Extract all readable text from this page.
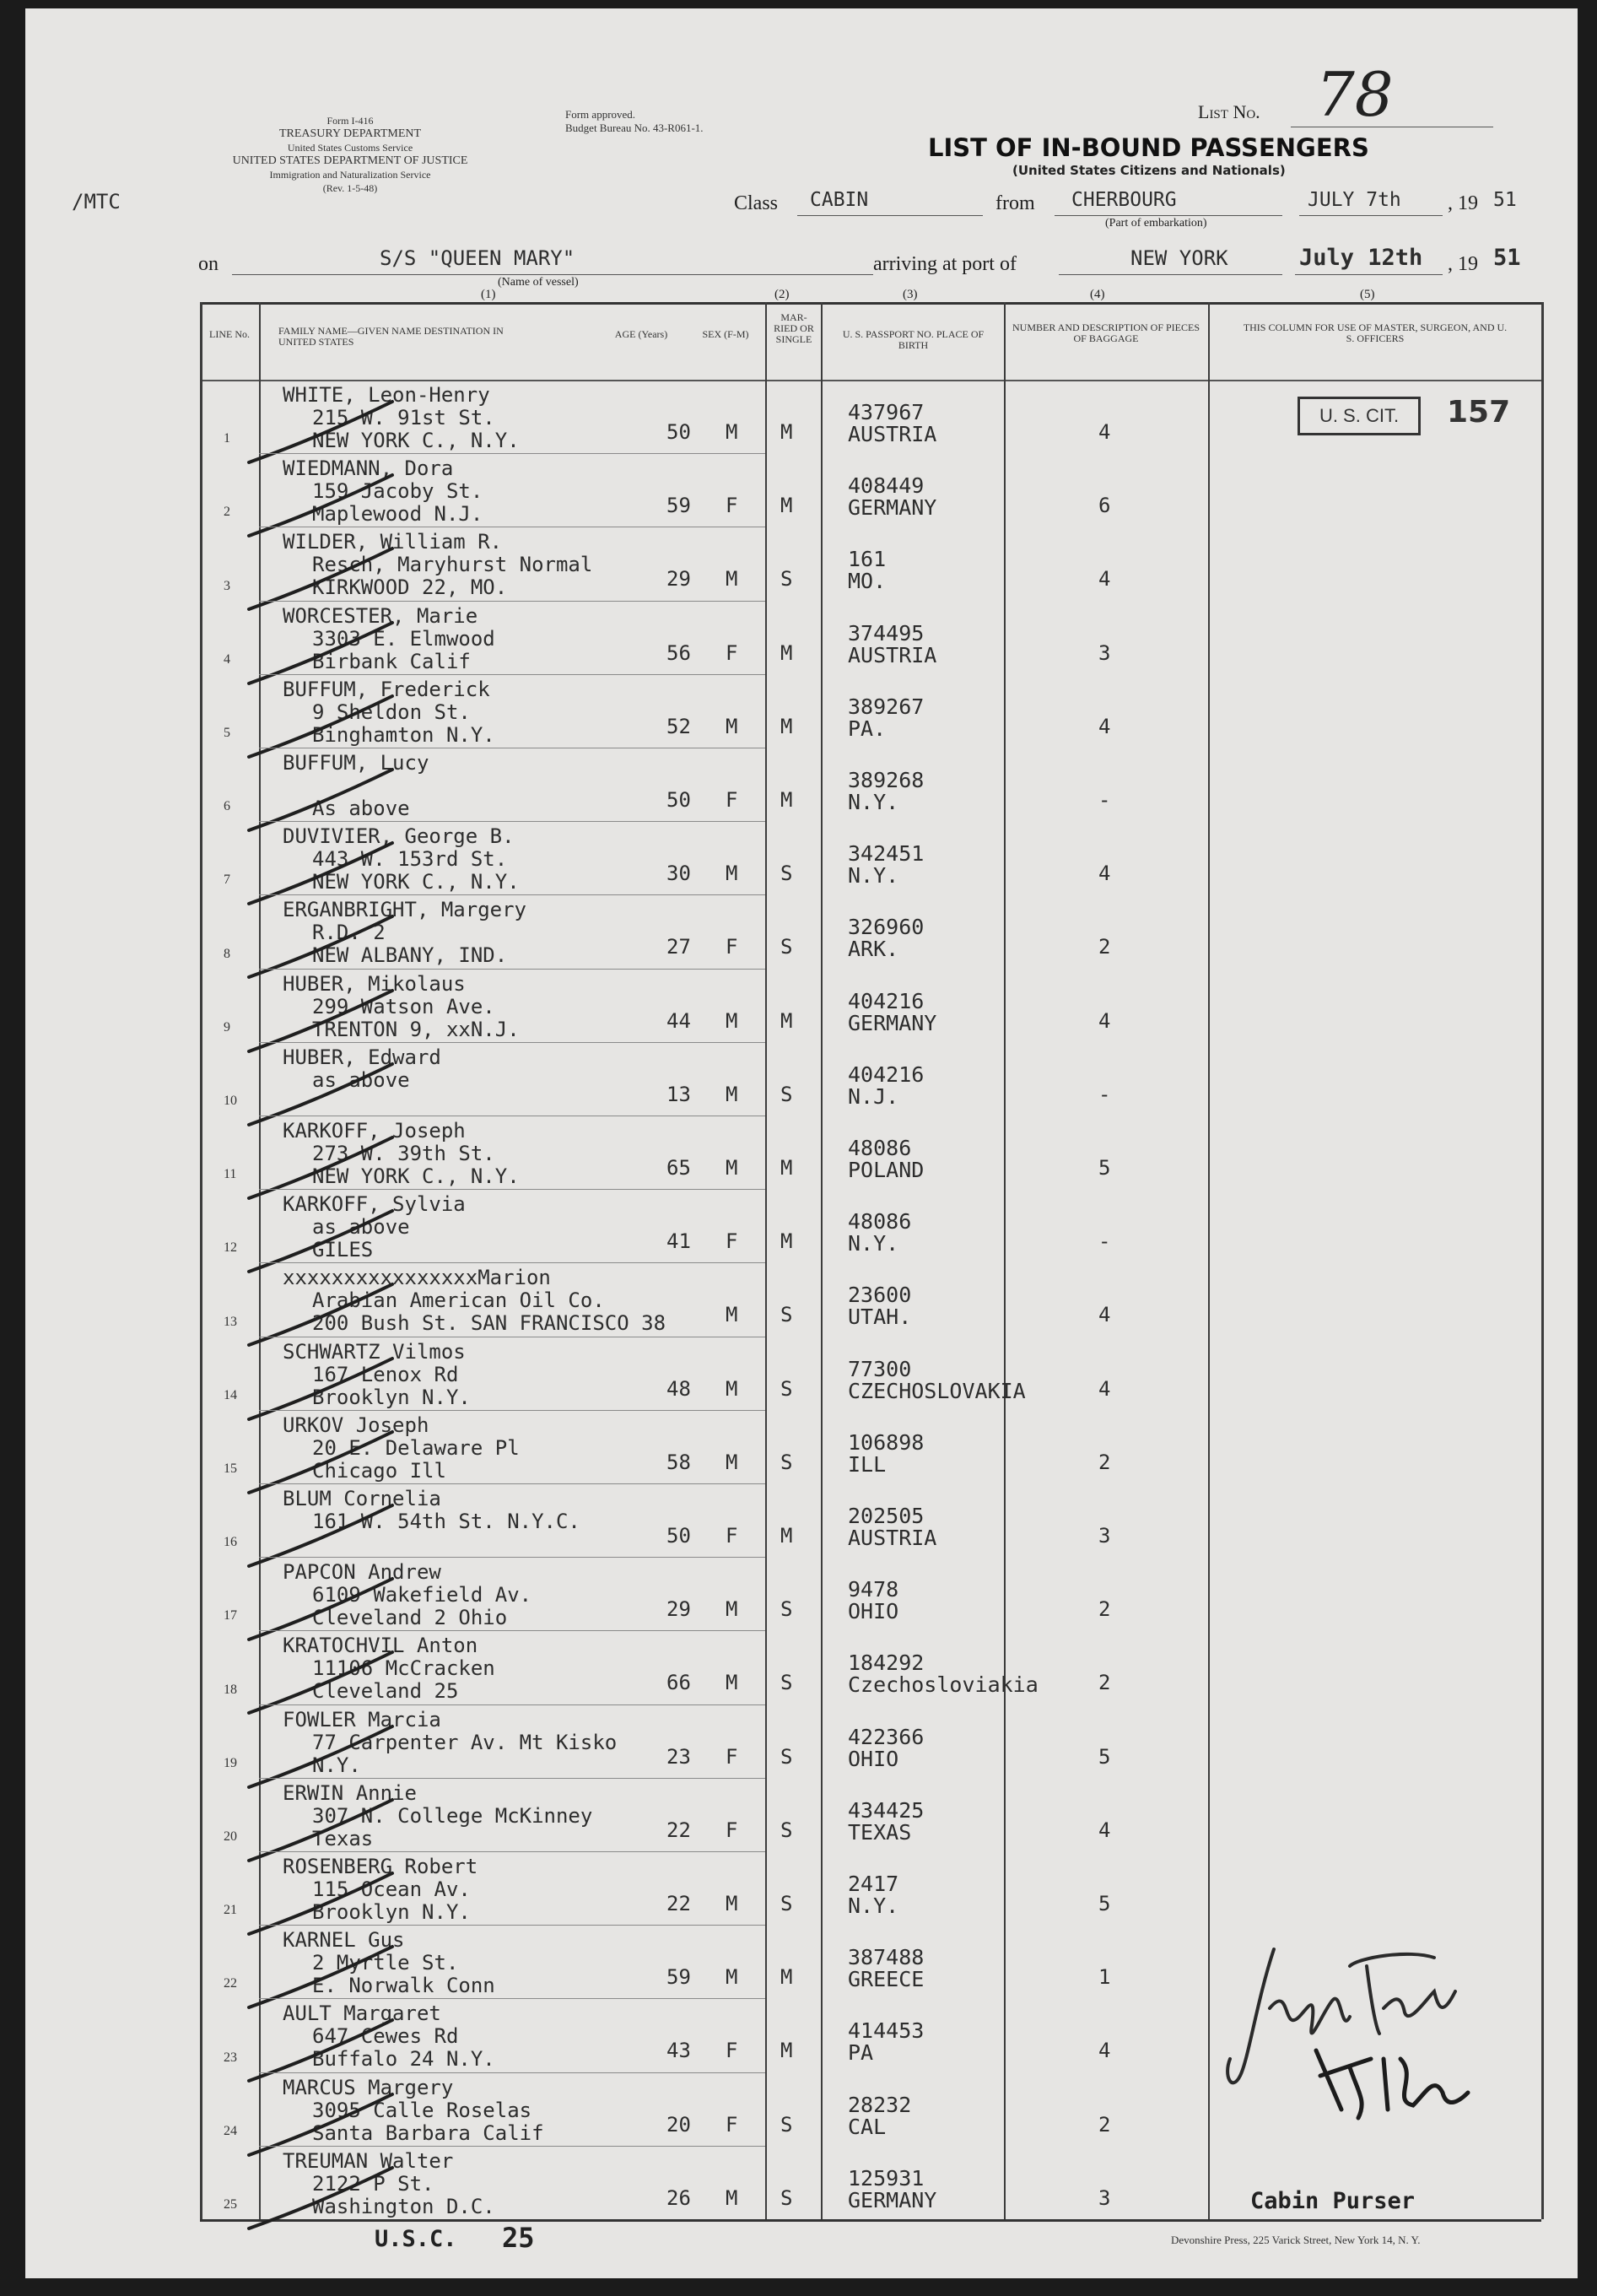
/MTC
Form I-416
TREASURY DEPARTMENT
United States Customs Service
UNITED STATES DEPARTMENT OF JUSTICE
Immigration and Naturalization Service
(Rev. 1-5-48)
Form approved.
Budget Bureau No. 43-R061-1.
List No. 78
LIST OF IN-BOUND PASSENGERS
(United States Citizens and Nationals)
Class CABIN	from CHERBOURG
(Part of embarkation)
JULY 7th , 19 51
on	S/S "QUEEN MARY"
(Name of vessel)
arriving at port of	NEW YORK	July 12th , 19 51
(1)	(2)	(3)	(4)	(5)
LINE No.	FAMILY NAME—GIVEN NAME DESTINATION IN UNITED STATES
AGE (Years)	SEX (F-M)
MAR-RIED OR SINGLE	U. S. PASSPORT NO. PLACE OF BIRTH
NUMBER AND DESCRIPTION OF PIECES OF BAGGAGE
THIS COLUMN FOR USE OF MASTER, SURGEON, AND U. S. OFFICERS
U. S. CIT.	157
1
WHITE, Leon-Henry
215 W. 91st St.
NEW YORK C., N.Y.	50 M M
437967
AUSTRIA	4
2
WIEDMANN, Dora
159 Jacoby St.
Maplewood N.J.	59 F M
408449
GERMANY	6
3
WILDER, William R.
Resch, Maryhurst Normal
KIRKWOOD 22, MO.	29 M S
161
MO.	4
4
WORCESTER, Marie
3303 E. Elmwood
Birbank Calif	56 F M
374495
AUSTRIA	3
5
BUFFUM, Frederick
9 Sheldon St.
Binghamton N.Y.	52 M M
389267
PA.	4
6
BUFFUM, Lucy
As above	50 F M
389268
N.Y.	-
7
DUVIVIER, George B.
443 W. 153rd St.
NEW YORK C., N.Y.	30 M S
342451
N.Y.	4
8
ERGANBRIGHT, Margery
R.D. 2
NEW ALBANY, IND.	27 F S
326960
ARK.	2
9
HUBER, Mikolaus
299 Watson Ave.
TRENTON 9, xxN.J.	44 M M
404216
GERMANY	4
10
HUBER, Edward
as above
13 M S
404216
N.J.	-
11
KARKOFF, Joseph
273 W. 39th St.
NEW YORK C., N.Y.	65 M M
48086
POLAND	5
12
KARKOFF, Sylvia
as above
GILES	41 F M
48086
N.Y.	-
13
xxxxxxxxxxxxxxxxMarion
Arabian American Oil Co.
200 Bush St. SAN FRANCISCO 38	M S
23600
UTAH.	4
14
SCHWARTZ Vilmos
167 Lenox Rd
Brooklyn N.Y.	48 M S
77300
CZECHOSLOVAKIA	4
15
URKOV Joseph
20 E. Delaware Pl
Chicago Ill	58 M S
106898
ILL	2
16
BLUM Cornelia
161 W. 54th St. N.Y.C.
50 F M
202505
AUSTRIA	3
17
PAPCON Andrew
6109 Wakefield Av.
Cleveland 2 Ohio	29 M S
9478
OHIO	2
18
KRATOCHVIL Anton
11106 McCracken
Cleveland 25	66 M S
184292
Czechosloviakia	2
19
FOWLER Marcia
77 Carpenter Av. Mt Kisko
N.Y.	23 F S
422366
OHIO	5
20
ERWIN Annie
307 N. College McKinney
Texas	22 F S
434425
TEXAS	4
21
ROSENBERG Robert
115 Ocean Av.
Brooklyn N.Y.	22 M S
2417
N.Y.	5
22
KARNEL Gus
2 Myrtle St.
E. Norwalk Conn	59 M M
387488
GREECE	1
23
AULT Margaret
647 Cewes Rd
Buffalo 24 N.Y.	43 F M
414453
PA	4
24
MARCUS Margery
3095 Calle Roselas
Santa Barbara Calif	20 F S
28232
CAL	2
25
TREUMAN Walter
2122 P St.
Washington D.C.	26 M S
125931
GERMANY	3
U.S.C. 25
Cabin Purser
Devonshire Press, 225 Varick Street, New York 14, N. Y.
